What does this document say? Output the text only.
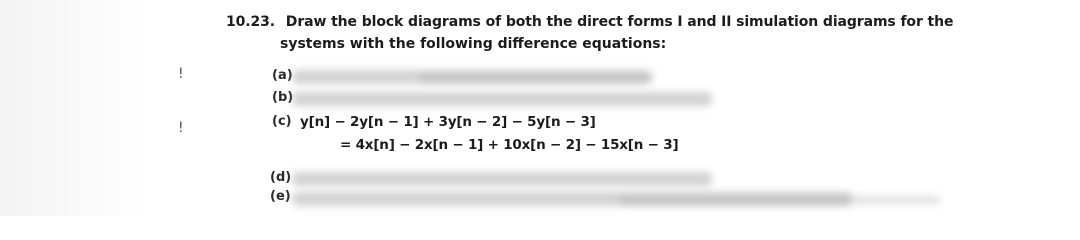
!
!
10.23. Draw the block diagrams of both the direct forms I and II simulation diagrams for the
systems with the following difference equations:
(a)
(b)
(c) y[n] − 2y[n − 1] + 3y[n − 2] − 5y[n − 3]
= 4x[n] − 2x[n − 1] + 10x[n − 2] − 15x[n − 3]
(d)
(e)
